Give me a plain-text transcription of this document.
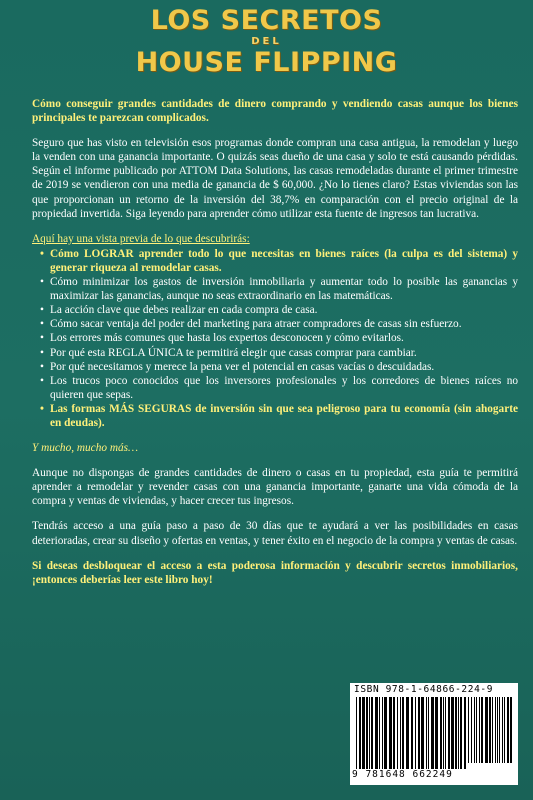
LOS SECRETOS
DEL
HOUSE FLIPPING

Cómo conseguir grandes cantidades de dinero comprando y vendiendo casas aunque los bienes principales te parezcan complicados.

Seguro que has visto en televisión esos programas donde compran una casa antigua, la remodelan y luego la venden con una ganancia importante. O quizás seas dueño de una casa y solo te está causando pérdidas. Según el informe publicado por ATTOM Data Solutions, las casas remodeladas durante el primer trimestre de 2019 se vendieron con una media de ganancia de $ 60,000. ¿No lo tienes claro? Estas viviendas son las que proporcionan un retorno de la inversión del 38,7% en comparación con el precio original de la propiedad invertida. Siga leyendo para aprender cómo utilizar esta fuente de ingresos tan lucrativa.

Aquí hay una vista previa de lo que descubrirás:
• Cómo LOGRAR aprender todo lo que necesitas en bienes raíces (la culpa es del sistema) y generar riqueza al remodelar casas.
• Cómo minimizar los gastos de inversión inmobiliaria y aumentar todo lo posible las ganancias y maximizar las ganancias, aunque no seas extraordinario en las matemáticas.
• La acción clave que debes realizar en cada compra de casa.
• Cómo sacar ventaja del poder del marketing para atraer compradores de casas sin esfuerzo.
• Los errores más comunes que hasta los expertos desconocen y cómo evitarlos.
• Por qué esta REGLA ÚNICA te permitirá elegir que casas comprar para cambiar.
• Por qué necesitamos y merece la pena ver el potencial en casas vacías o descuidadas.
• Los trucos poco conocidos que los inversores profesionales y los corredores de bienes raíces no quieren que sepas.
• Las formas MÁS SEGURAS de inversión sin que sea peligroso para tu economía (sin ahogarte en deudas).

Y mucho, mucho más…

Aunque no dispongas de grandes cantidades de dinero o casas en tu propiedad, esta guía te permitirá aprender a remodelar y revender casas con una ganancia importante, ganarte una vida cómoda de la compra y ventas de viviendas, y hacer crecer tus ingresos.

Tendrás acceso a una guía paso a paso de 30 días que te ayudará a ver las posibilidades en casas deterioradas, crear su diseño y ofertas en ventas, y tener éxito en el negocio de la compra y ventas de casas.

Si deseas desbloquear el acceso a esta poderosa información y descubrir secretos inmobiliarios, ¡entonces deberías leer este libro hoy!

ISBN 978-1-64866-224-9
9 781648 662249
